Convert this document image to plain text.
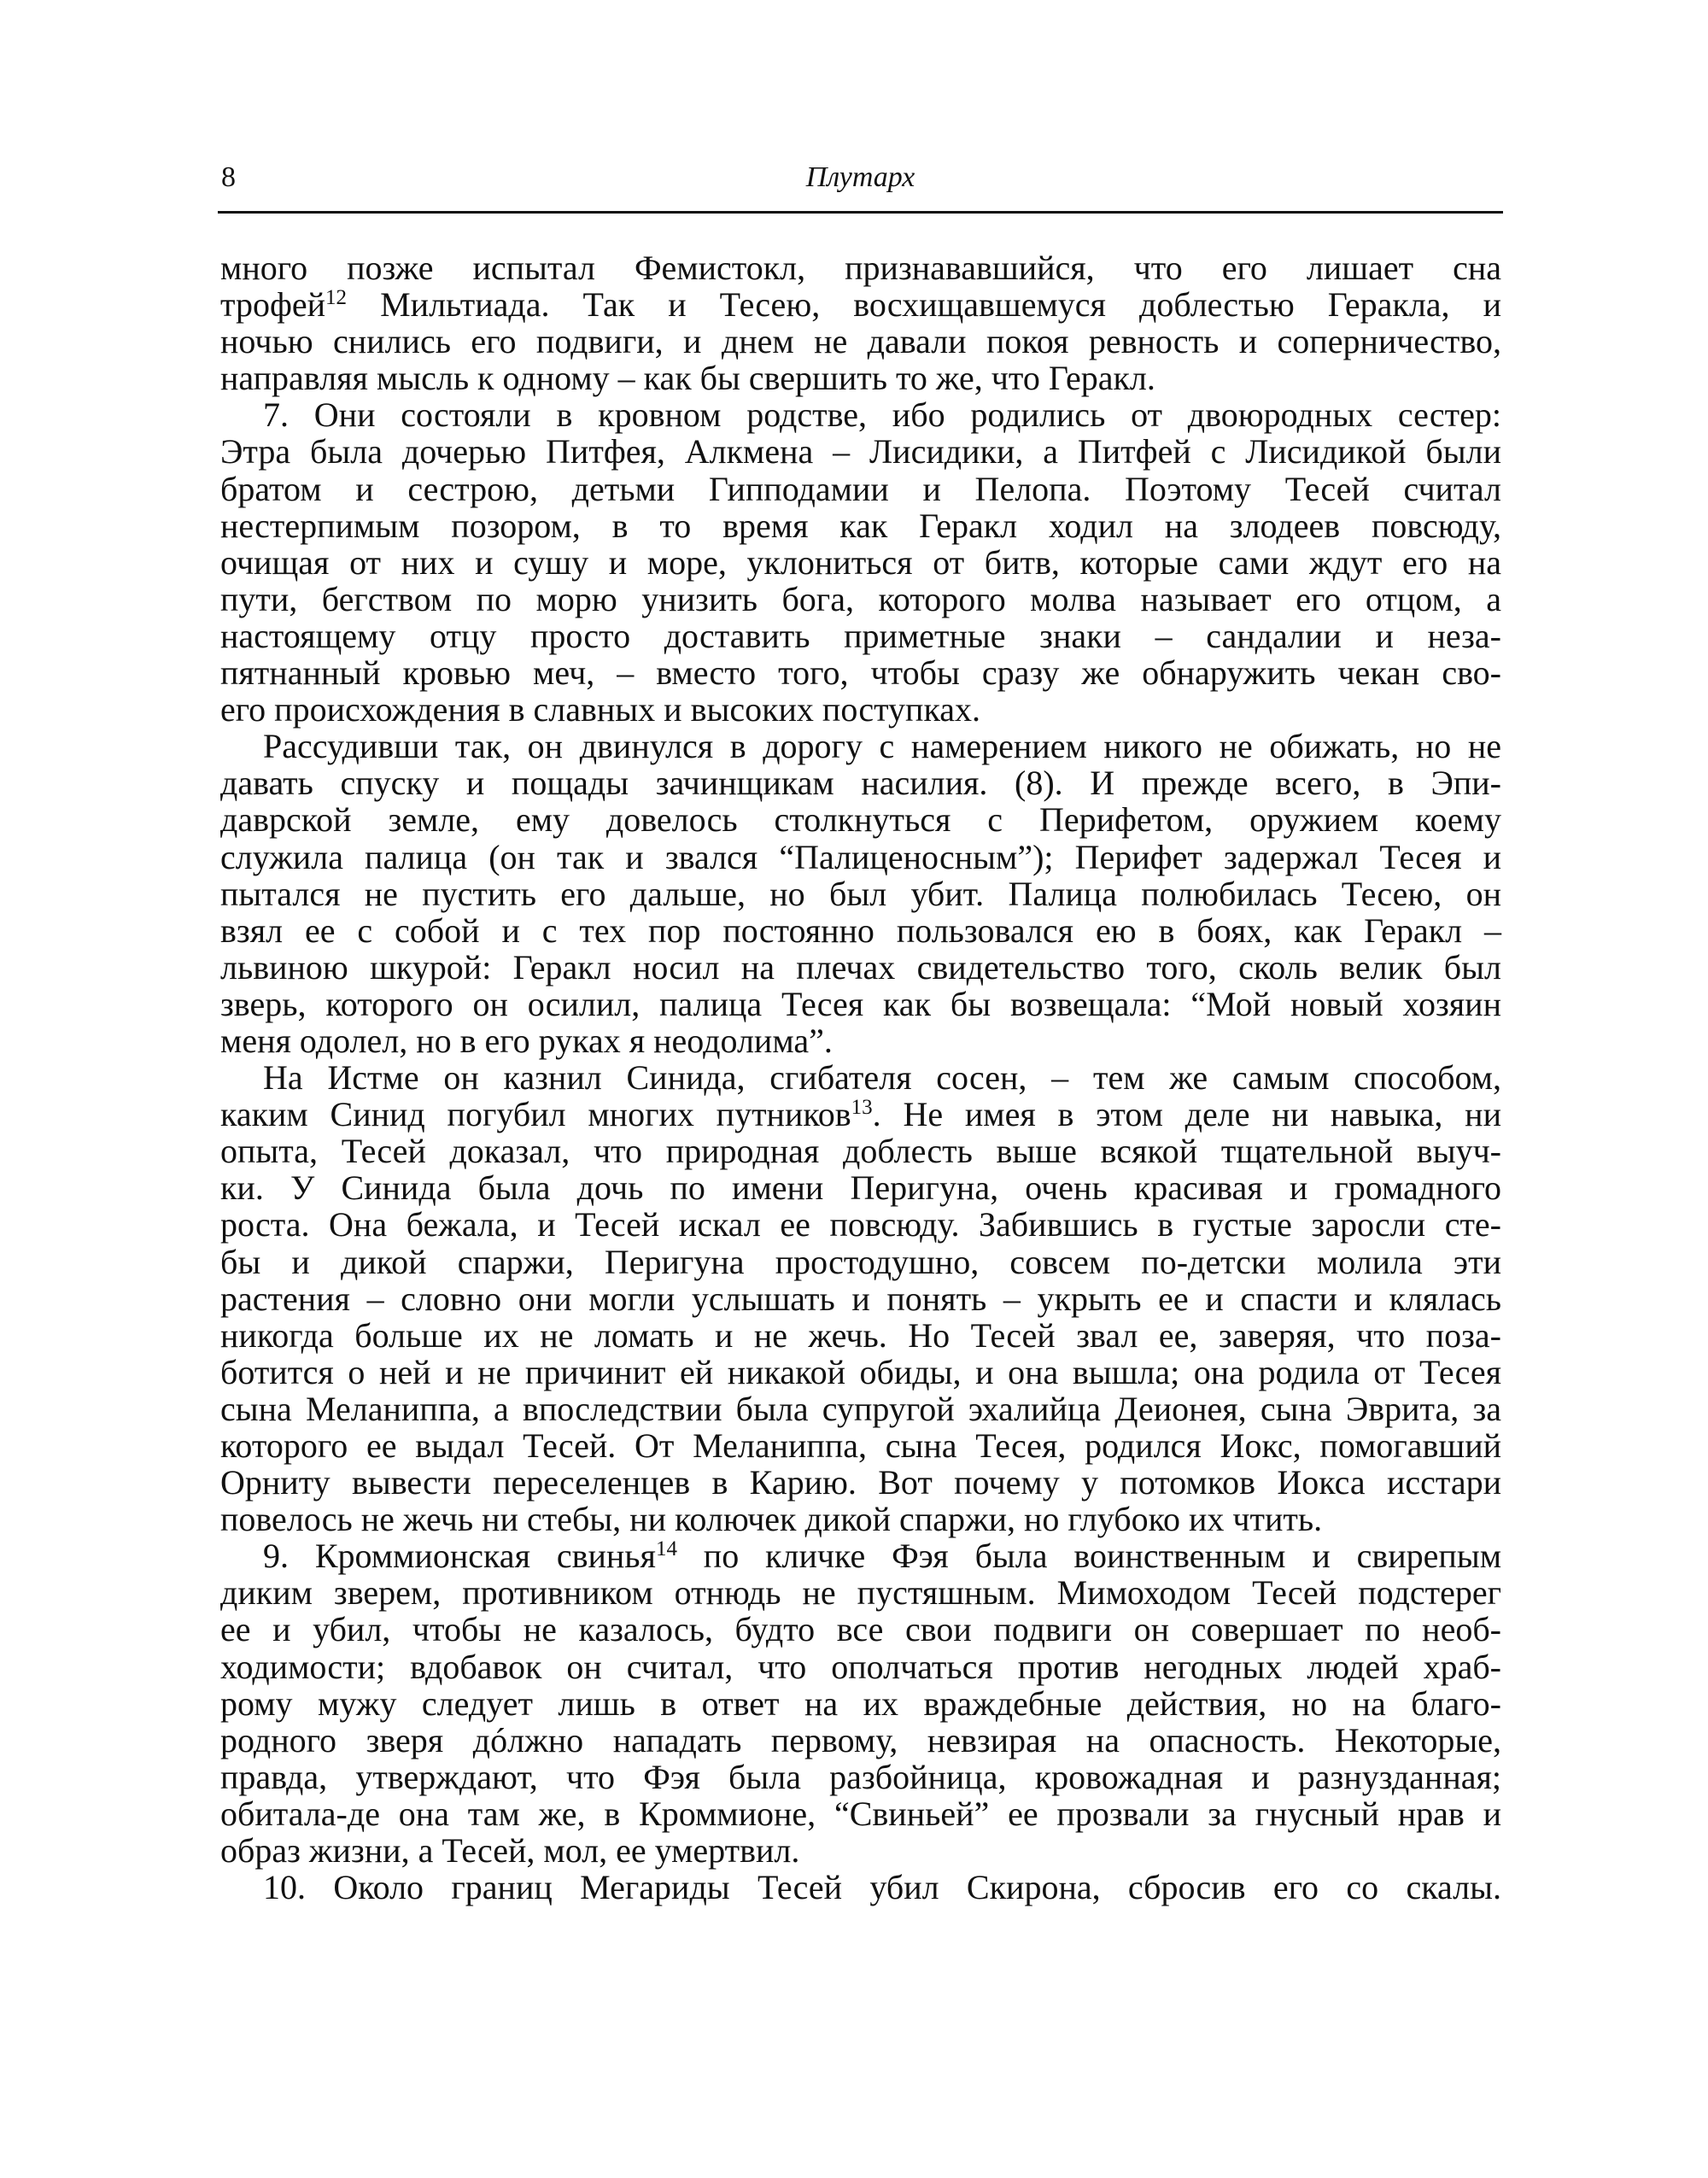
8	Плутарх
много позже испытал Фемистокл, признававшийся, что его лишает сна
трофей$^{12}$ Мильтиада. Так и Тесею, восхищавшемуся доблестью Геракла, и
ночью снились его подвиги, и днем не давали покоя ревность и соперничество,
направляя мысль к одному – как бы свершить то же, что Геракл.
7. Они состояли в кровном родстве, ибо родились от двоюродных сестер:
Этра была дочерью Питфея, Алкмена – Лисидики, а Питфей с Лисидикой были
братом и сестрою, детьми Гипподамии и Пелопа. Поэтому Тесей считал
нестерпимым позором, в то время как Геракл ходил на злодеев повсюду,
очищая от них и сушу и море, уклониться от битв, которые сами ждут его на
пути, бегством по морю унизить бога, которого молва называет его отцом, а
настоящему отцу просто доставить приметные знаки – сандалии и неза-
пятнанный кровью меч, – вместо того, чтобы сразу же обнаружить чекан сво-
его происхождения в славных и высоких поступках.
Рассудивши так, он двинулся в дорогу с намерением никого не обижать, но не
давать спуску и пощады зачинщикам насилия. (8). И прежде всего, в Эпи-
даврской земле, ему довелось столкнуться с Перифетом, оружием коему
служила палица (он так и звался “Палиценосным”); Перифет задержал Тесея и
пытался не пустить его дальше, но был убит. Палица полюбилась Тесею, он
взял ее с собой и с тех пор постоянно пользовался ею в боях, как Геракл –
львиною шкурой: Геракл носил на плечах свидетельство того, сколь велик был
зверь, которого он осилил, палица Тесея как бы возвещала: “Мой новый хозяин
меня одолел, но в его руках я неодолима”.
На Истме он казнил Синида, сгибателя сосен, – тем же самым способом,
каким Синид погубил многих путников$^{13}$. Не имея в этом деле ни навыка, ни
опыта, Тесей доказал, что природная доблесть выше всякой тщательной выуч-
ки. У Синида была дочь по имени Перигуна, очень красивая и громадного
роста. Она бежала, и Тесей искал ее повсюду. Забившись в густые заросли сте-
бы и дикой спаржи, Перигуна простодушно, совсем по-детски молила эти
растения – словно они могли услышать и понять – укрыть ее и спасти и клялась
никогда больше их не ломать и не жечь. Но Тесей звал ее, заверяя, что поза-
ботится о ней и не причинит ей никакой обиды, и она вышла; она родила от Тесея
сына Меланиппа, а впоследствии была супругой эхалийца Деионея, сына Эврита, за
которого ее выдал Тесей. От Меланиппа, сына Тесея, родился Иокс, помогавший
Орниту вывести переселенцев в Карию. Вот почему у потомков Иокса исстари
повелось не жечь ни стебы, ни колючек дикой спаржи, но глубоко их чтить.
9. Кроммионская свинья$^{14}$ по кличке Фэя была воинственным и свирепым
диким зверем, противником отнюдь не пустяшным. Мимоходом Тесей подстерег
ее и убил, чтобы не казалось, будто все свои подвиги он совершает по необ-
ходимости; вдобавок он считал, что ополчаться против негодных людей храб-
рому мужу следует лишь в ответ на их враждебные действия, но на благо-
родного зверя дóлжно нападать первому, невзирая на опасность. Некоторые,
правда, утверждают, что Фэя была разбойница, кровожадная и разнузданная;
обитала-де она там же, в Кроммионе, “Свиньей” ее прозвали за гнусный нрав и
образ жизни, а Тесей, мол, ее умертвил.
10. Около границ Мегариды Тесей убил Скирона, сбросив его со скалы.
